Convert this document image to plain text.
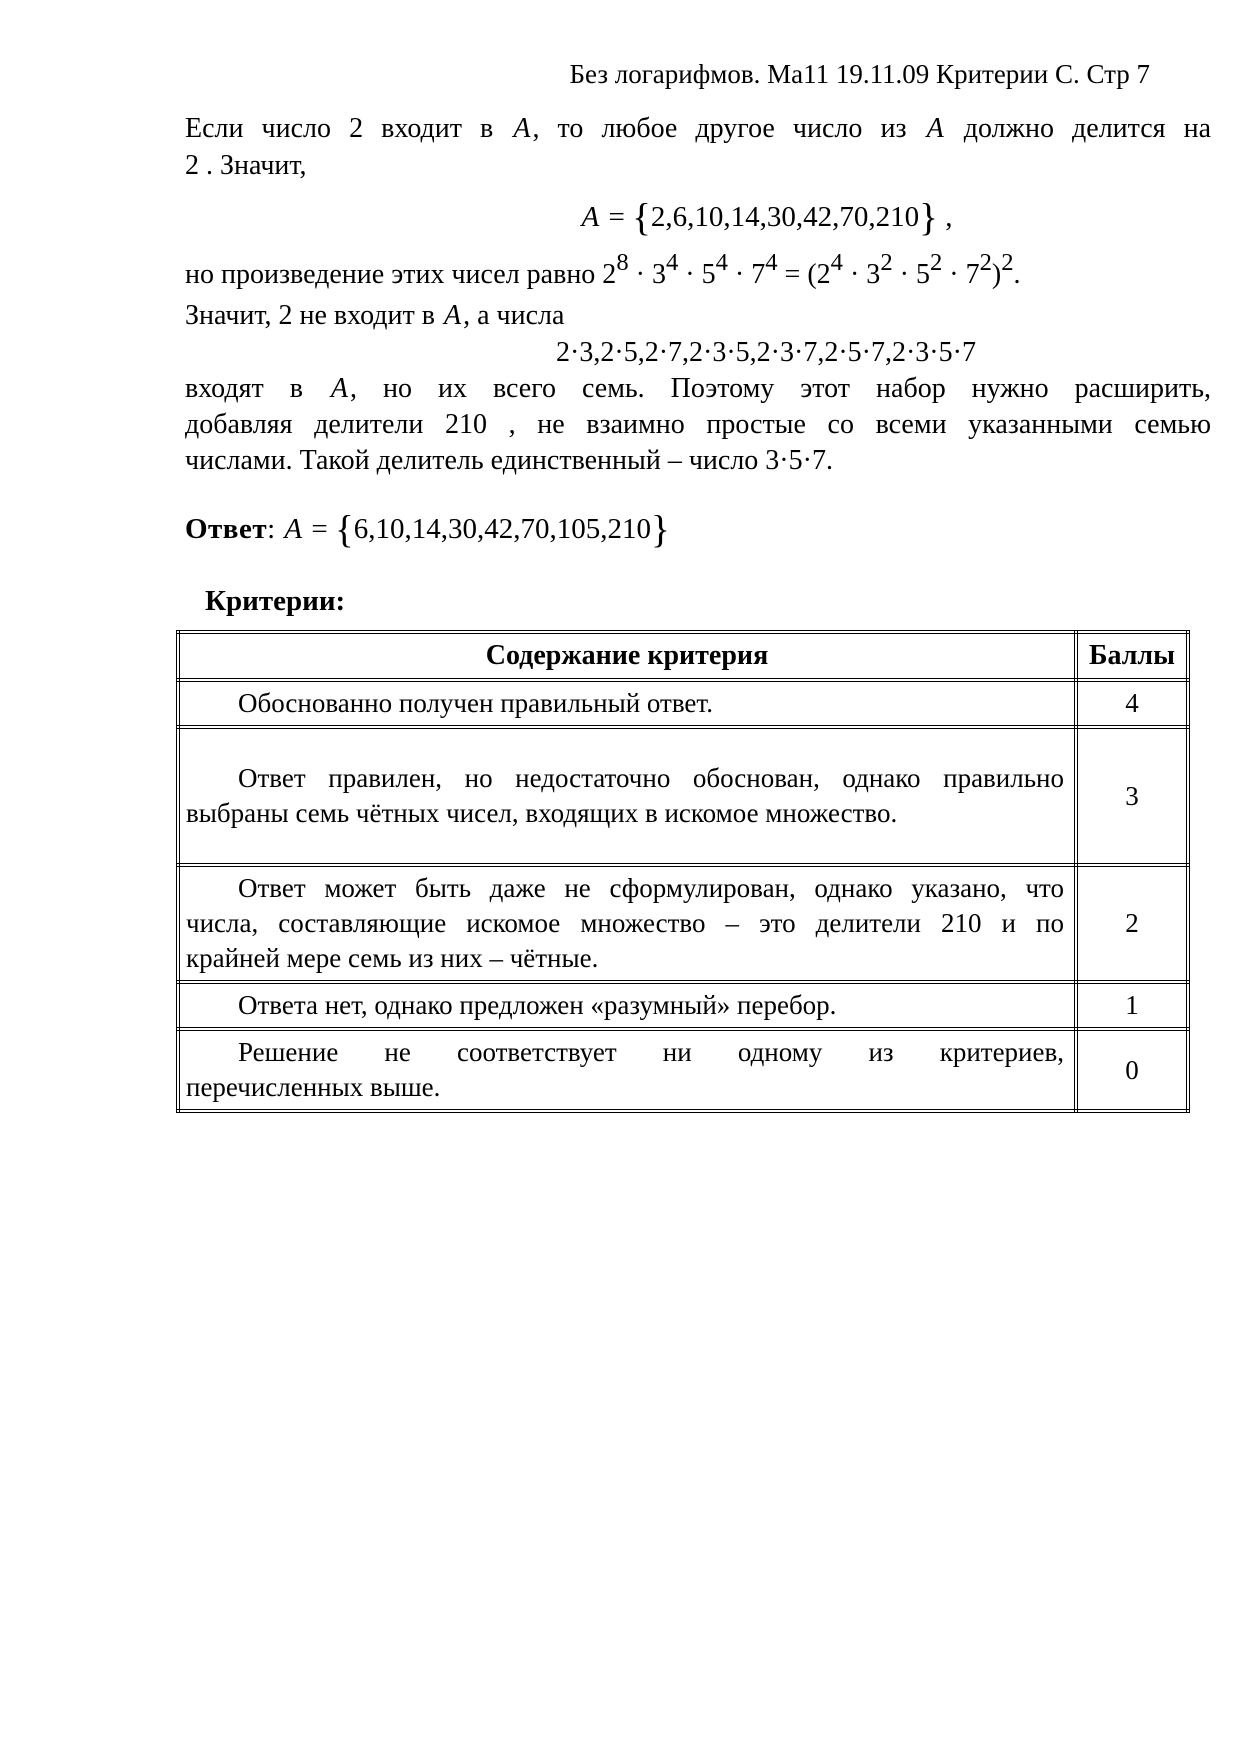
Без логарифмов. Ма11 19.11.09 Критерии С. Стр 7
Если число 2 входит в A, то любое другое число из A должно делится на
2 . Значит,
A = {2,6,10,14,30,42,70,210} ,
но произведение этих чисел равно $2^8 \cdot 3^4 \cdot 5^4 \cdot 7^4 = (2^4 \cdot 3^2 \cdot 5^2 \cdot 7^2)^2$.
Значит, 2 не входит в A, а числа
2·3,2·5,2·7,2·3·5,2·3·7,2·5·7,2·3·5·7
входят в A, но их всего семь. Поэтому этот набор нужно расширить,
добавляя делители 210 , не взаимно простые со всеми указанными семью
числами. Такой делитель единственный – число 3·5·7.
Ответ: A = {6,10,14,30,42,70,105,210}
Критерии:
Содержание критерия	Баллы

Обоснованно получен правильный ответ.	4

Ответ правилен, но недостаточно обоснован, однако правильно
выбраны семь чётных чисел, входящих в искомое множество.	3

Ответ может быть даже не сформулирован, однако указано, что
числа, составляющие искомое множество – это делители 210 и по
крайней мере семь из них – чётные.	2

Ответа нет, однако предложен «разумный» перебор.	1

Решение не соответствует ни одному из критериев,
перечисленных выше.	0
